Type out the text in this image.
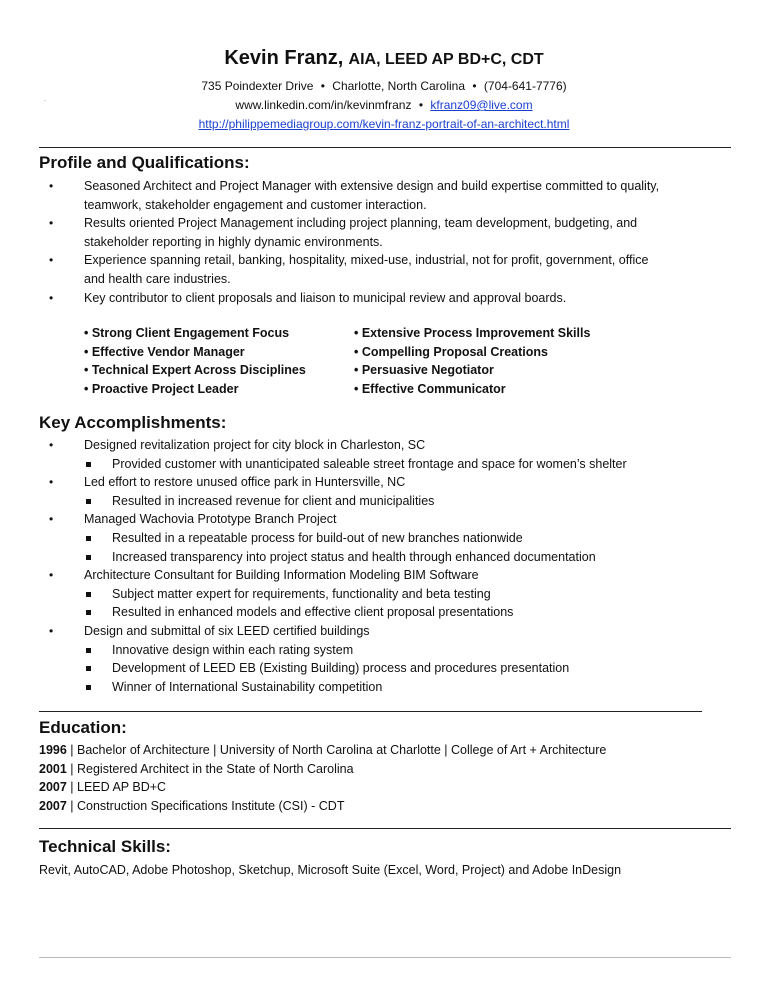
`
Kevin Franz, AIA, LEED AP BD+C, CDT
735 Poindexter Drive • Charlotte, North Carolina • (704-641-7776)
www.linkedin.com/in/kevinmfranz • kfranz09@live.com
http://philippemediagroup.com/kevin-franz-portrait-of-an-architect.html
Profile and Qualifications:
• Seasoned Architect and Project Manager with extensive design and build expertise committed to quality,
teamwork, stakeholder engagement and customer interaction.
• Results oriented Project Management including project planning, team development, budgeting, and
stakeholder reporting in highly dynamic environments.
• Experience spanning retail, banking, hospitality, mixed-use, industrial, not for profit, government, office
and health care industries.
• Key contributor to client proposals and liaison to municipal review and approval boards.
• Strong Client Engagement Focus
• Effective Vendor Manager
• Technical Expert Across Disciplines
• Proactive Project Leader
• Extensive Process Improvement Skills
• Compelling Proposal Creations
• Persuasive Negotiator
• Effective Communicator
Key Accomplishments:
• Designed revitalization project for city block in Charleston, SC
Provided customer with unanticipated saleable street frontage and space for women’s shelter
• Led effort to restore unused office park in Huntersville, NC
Resulted in increased revenue for client and municipalities
• Managed Wachovia Prototype Branch Project
Resulted in a repeatable process for build-out of new branches nationwide
Increased transparency into project status and health through enhanced documentation
• Architecture Consultant for Building Information Modeling BIM Software
Subject matter expert for requirements, functionality and beta testing
Resulted in enhanced models and effective client proposal presentations
• Design and submittal of six LEED certified buildings
Innovative design within each rating system
Development of LEED EB (Existing Building) process and procedures presentation
Winner of International Sustainability competition
Education:
1996 | Bachelor of Architecture | University of North Carolina at Charlotte | College of Art + Architecture
2001 | Registered Architect in the State of North Carolina
2007 | LEED AP BD+C
2007 | Construction Specifications Institute (CSI) - CDT
Technical Skills:
Revit, AutoCAD, Adobe Photoshop, Sketchup, Microsoft Suite (Excel, Word, Project) and Adobe InDesign
